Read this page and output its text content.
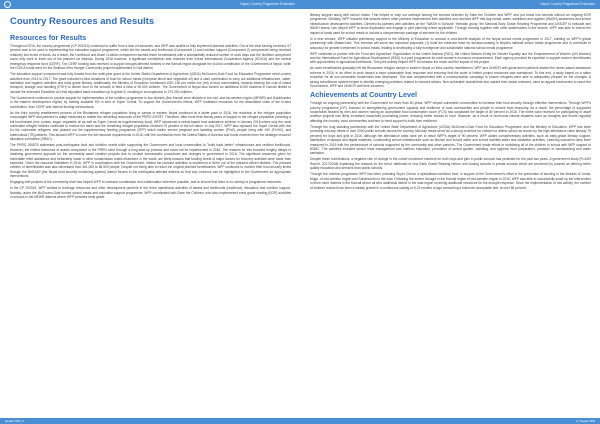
Nepal: Country Programme Evaluation
Country Resources and Results
Resources for Results

Throughout 2016, the country programme (CP 200319) continued to suffer from a lack of resources, and WFP was unable to fully implement planned activities. Out of the total funding received, 67 percent was to be used in implementing the education support programme, which led the assets and livelihoods (Component 1) and nutrition support (Component 2) components being received relatively low levels of funds. As a result, the Livelihood and Asset Creation component reached fewer beneficiaries with a substantially reduced number of work days and the Nutrition component could only work in three out of the planned six districts. During 2016 however, a significant contribution was received from Korea International Cooperation Agency (KOICA) and the central emergency response fund (CERF). The CERF funding was received to support drought-affected families in the Karnali region alongside the in-kind contribution of the Government of Nepal, while the KOICA funds were for the Sisimaul Zero Hunger Community project implemented in Doti district.

The education support component was fully funded from the multi-year grant of the United States Department of Agriculture (USDA) McGovern-Dole Food for Education Programme which covers activities from 2014 to 2017. The grant included in-kind donations of food for school meals (rice/peas blend and vegetable oil) and a cash contribution to carry out additional infrastructure, water, sanitation and hygiene activities and early grade literacy. Additionally, the Ministry of Education contributed USD 150 per metric ton (mt) of food commodities, towards bearing the cost of inland transport, storage and handling (ITSH) to deliver food to the schools to feed a total of 90,000 children. The Government of Nepal also funded an additional 6,000 students in Karnali district to include the extended Education Act that stipulated basic education up to grade 8, resulting in an expansion to 270,000 children.

The Government continued to provide support for implementation of the nutrition programme in two districts (five Karnali zone districts in the mid- and far-western region (MFWR) and Solukhumbu in the eastern development region) by making available 5% in kind of Super Cereal. To support the Government's efforts, WFP mobilised resources for the associated costs of the in-kind contribution, from CERF and internal funding mechanisms.

As the third country resettlement process of the Bhutanese refugee population living in camps in eastern Nepal continued at a faster pace in 2016, the reduction in the refugee population encouraged WFP and partners to adapt measures to realise the remaining resources of the PRRO 200787. Therefore, after more than twenty years of support to the refugee population providing a full food basket (rice, pulses, sugar, vegetable oil as well as Super Cereal as supplementary food), WFP introduced a needs-based food assistance scheme in January 2016 where only the most vulnerable refugee families continued to receive full ration and the remaining refugee population received 70 percent of the full ration. In July 2017, WFP also replaced the Super Cereal with rice for the vulnerable refugees, and phased out the supplementary feeding programme (SFP) which earlier served pregnant and lactating women (PLW), people living with HIV (PLHIV), and tuberculosis (TB) patients. This allowed WFP to cover the full resource requirements in 2016, with the contribution from the United States of America and funds received from the strategic resource allocation committee (SRAC).

The PRRO 200875 addresses post-earthquake food and nutrition needs while supporting the Government and local communities to "build back better" infrastructure and resilient livelihoods. However, the limited resources of assets component in the PRRO went through a long start-up process and could not be implemented in 2016. The reasons for this included lengthy delays in obtaining government approval for the community asset creation projects due to unclear bureaucratic procedures and changes in government in 2016. The significant resources given for immediate relief assistance and fortunately made in other humanitarian crises elsewhere in the world, are likely reasons that funding levels of major donors for recovery activities were lower than expected. Given the resource limitations in 2016, WFP in coordination with the Government, limited the planned activities to implement in three out of the planned eleven districts. The planned number of beneficiaries was also decreased from 461,000 to 56,500 people. Despite not being able to reach the original planned beneficiaries, WFP continues to monitor their food security levels through the NeKSAP (the Nepal food security monitoring system) district forums in the earthquake-affected districts so that any concerns can be highlighted to the Government for appropriate interventions.

Engaging with projects of the community level has helped WFP to increase coordination and collaboration wherever possible, and to ensure that there is no overlap of programme resources.

In the CP 200319, WFP worked to leverage resources and other development partners in the three operational activities of assets and livelihoods (resilience), education and nutrition support. Notably, under the McGovern-Dole funded school meals and education support programme, WFP coordinated with Save the Children, who also implemented early grade reading (EGR) activities in schools in the MFWR districts where WFP provides early grade

Nepal CPE | 1
Nepal: Country Programme Evaluation

literacy support along with school meals. This helped to map out overlaps among the schools selected by Save the Children and WFP, and put funds into schools without an ongoing EGR programme. Similarly, WFP ensured that schools where other partners implemented their activities and received WFP mid-day meals, water, sanitation and hygiene (WASH) awareness and school infrastructure development activities. Directed its partners with activities on the "WASH in Schools" thematic group, the National Early Grade Reading Programme and UNICEF to evaluate and WASH teams, has helped WFP to avoid duplication and engage in joint planning where applicable. Through working together with other stakeholders in the sectors, WFP was able to extend the impact of funds used for school meals to include a comprehensive package of services for the children.

In a new venture, WFP initiated preliminary support to the Ministry of Education to conduct a cost-benefit analysis of the Nepal school meals programme in 2017, building on WFP's global partnership with MasterCard. This exercise will serve two important purposes; (1) build the evidence base for decision-making in Nepal's national school meals programme and ii) contribute to advocacy for greater investment in school meals, leading to developing a fully homegrown and sustainable national school meals programme.

WFP continued to partner with the Food and Agriculture Organization of the United Nations (FAO), the United Nations Entity for Gender Equality and the Empowerment of Women (UN Women) and the International Fund for Agricultural Development (IFAD) in a joint programme for rural women's economic empowerment. Each agency provided its expertise in support women beneficiaries with opportunities in agricultural livelihoods. This joint activity helped WFP to increase the reach and the impact of the project.

As more beneficiaries gradually left the Bhutanese refugee camps in eastern Nepal on third-country resettlement, WFP and UNHCR with government partners started the needs-based assistance scheme in 2016, in an effort to work toward a more sustainable food response and ensuring that the scale of limited project resources was maintained. To this end, a study based on a ration reduction for all non-vulnerable households was developed. This was complemented with a communication campaign to ensure refugees were able to adequately prepare for the changes. A strong surveillance system helped to identify emerging problems related to reduced rations. Non-vulnerable households who started their status reviewed, used an appeal mechanism to reach the Government, WFP and UNHCR with their concerns.

Achievements at Country Level

Through an ongoing partnership with the Government for more than 50 years, WFP helped vulnerable communities to increase their food security through effective interventions. Through WFP's country programme (CP), focused on strengthening government capacity and resilience of rural communities and people to endure food insecurity. As a result, the percentage of supported households headed by men and women having an acceptable food consumption score (FCS) has surpassed the target of 80 percent in 2016. The entire cash received for participating in asset creation projects has likely increased household purchasing power, ensuring better access to food. However, as a result of numerous natural disasters such as droughts and floods regularly affecting the country, most communities continue to need support to build their resilience.

Through the long standing partnership with the United State Department of Agriculture (USDA) McGovern-Dole Food for Education Programme and the Ministry of Education, WFP has been providing mid-day meals in over 2000 public schools across the country. Mid-day meals serve as a strong incentive for children to attend school as shown by the high attendance rates already 75 percent) for boys and girls in 2016, although the attendance rates have yet to reach WFP's target of 90 percent. WFP added complementary activities, such as early-grade literacy support, distribution of laptops and digital materials, constructing school infrastructure such as kitchen and school water and school facilities water and sanitation activities. Learning outcomes have been measured in 2016 with the performance of schools supported by the community and other partners. The Government made efforts in mobilising all of the children in school with WFP support to NSMC. The activities included school meal management and nutrition education, promotion of school garden, handling, and hygienic food preparation, provision of handwashing and water sanitation.

Despite these contributions, a negative rate of change in the cohort enrolment numbers for both boys and girls in public schools has persisted for the past two years. A government study (FLASH Report, 2017/2018) explaining the reasons for the trend: attributed to new Early Grade Reading reform and closing schools in private schools which are perceived by parents as offering better quality education and services than public schools.

Through the nutrition programme WFP has been providing Super Cereal, a specialised nutritious food, in support of the Government's effort in the prevention of stunting in the districts of Jumla, Mugu, of mid-western region and Solukhumbu in the east. Following the severe drought in the Karnali region of mid-western region in 2016, WFP was able to successfully scale up the intervention in three more districts in the Karnali where all who additional district in the east region receiving additional resources for the drought response. Since the implementation of this activity, the number of children reached has seen a steady growth in a continuous scaling of 6-23 months of age consuming a minimum acceptable diet, at over 68 percent.

2 | Nepal CPE
